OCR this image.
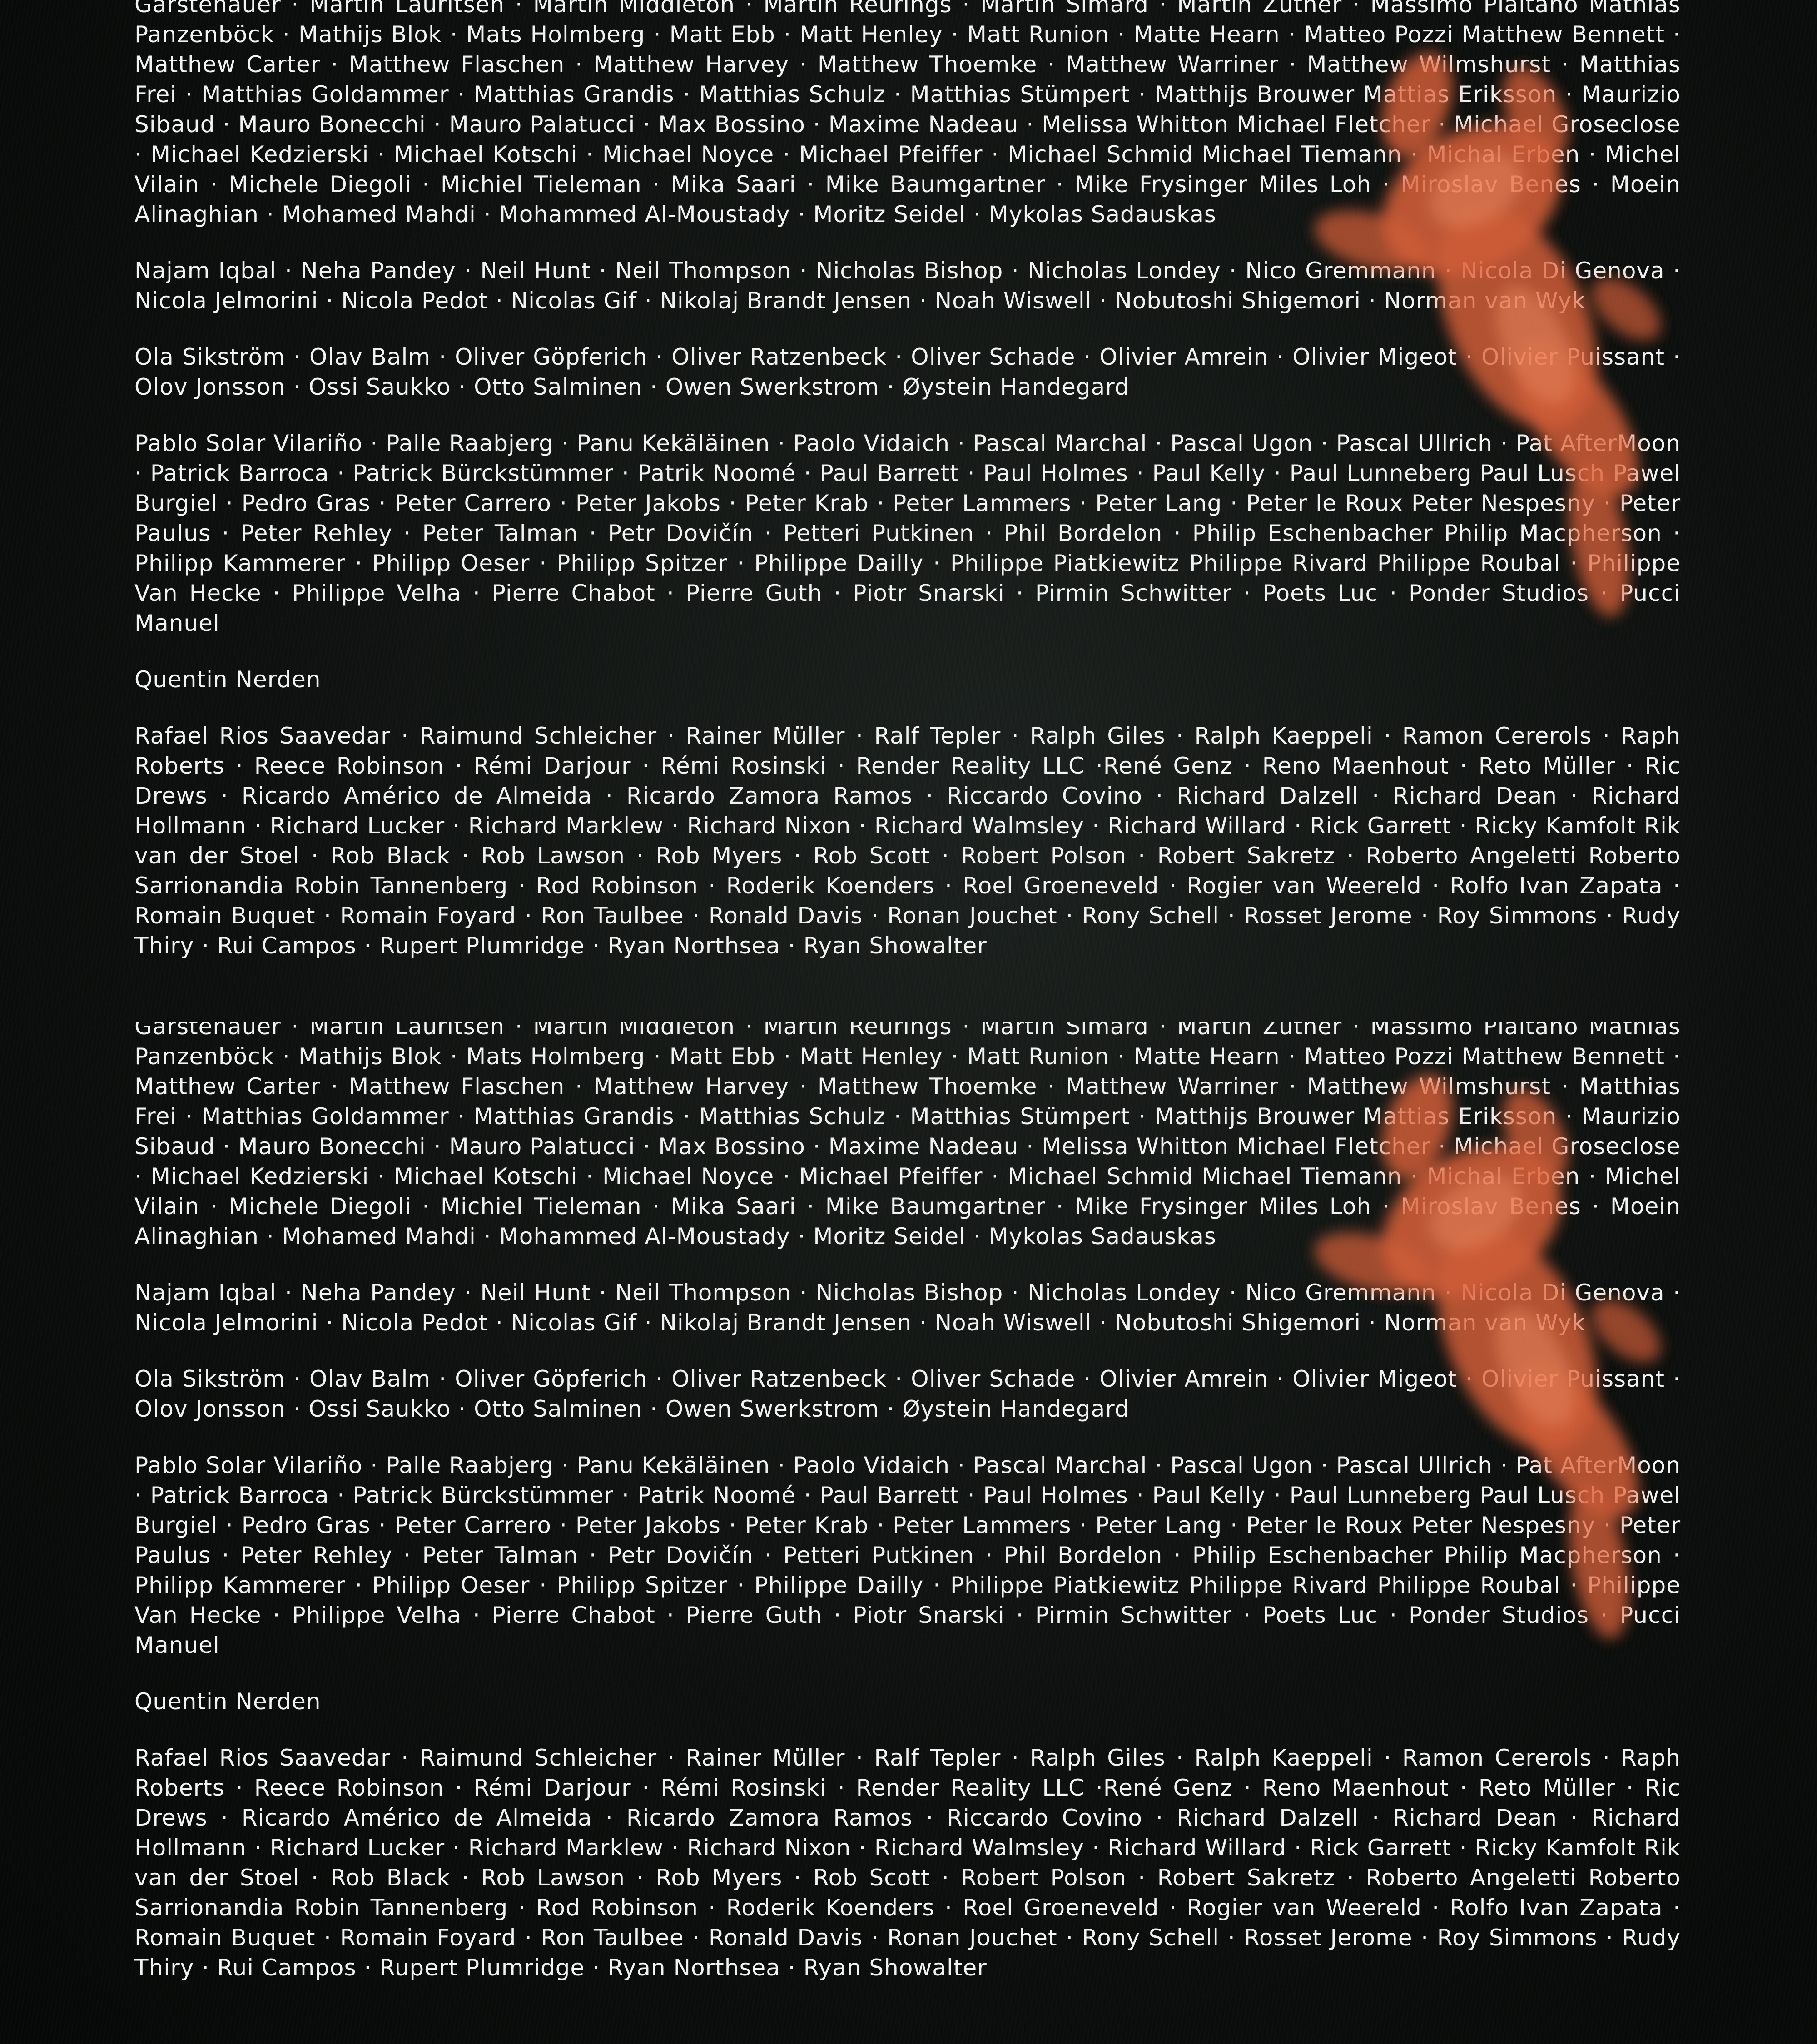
Garstenauer · Martin Lauritsen · Martin Middleton · Martin Reurings · Martin Simard · Martin Zuther · Massimo Plaitano Mathias Panzenböck · Mathijs Blok · Mats Holmberg · Matt Ebb · Matt Henley · Matt Runion · Matte Hearn · Matteo Pozzi Matthew Bennett · Matthew Carter · Matthew Flaschen · Matthew Harvey · Matthew Thoemke · Matthew Warriner · Matthew Wilmshurst · Matthias Frei · Matthias Goldammer · Matthias Grandis · Matthias Schulz · Matthias Stümpert · Matthijs Brouwer Mattias Eriksson · Maurizio Sibaud · Mauro Bonecchi · Mauro Palatucci · Max Bossino · Maxime Nadeau · Melissa Whitton Michael Fletcher · Michael Groseclose · Michael Kedzierski · Michael Kotschi · Michael Noyce · Michael Pfeiffer · Michael Schmid Michael Tiemann · Michal Erben · Michel Vilain · Michele Diegoli · Michiel Tieleman · Mika Saari · Mike Baumgartner · Mike Frysinger Miles Loh · Miroslav Benes · Moein Alinaghian · Mohamed Mahdi · Mohammed Al-Moustady · Moritz Seidel · Mykolas Sadauskas

Najam Iqbal · Neha Pandey · Neil Hunt · Neil Thompson · Nicholas Bishop · Nicholas Londey · Nico Gremmann · Nicola Di Genova · Nicola Jelmorini · Nicola Pedot · Nicolas Gif · Nikolaj Brandt Jensen · Noah Wiswell · Nobutoshi Shigemori · Norman van Wyk

Ola Sikström · Olav Balm · Oliver Göpferich · Oliver Ratzenbeck · Oliver Schade · Olivier Amrein · Olivier Migeot · Olivier Puissant · Olov Jonsson · Ossi Saukko · Otto Salminen · Owen Swerkstrom · Øystein Handegard

Pablo Solar Vilariño · Palle Raabjerg · Panu Kekäläinen · Paolo Vidaich · Pascal Marchal · Pascal Ugon · Pascal Ullrich · Pat AfterMoon · Patrick Barroca · Patrick Bürckstümmer · Patrik Noomé · Paul Barrett · Paul Holmes · Paul Kelly · Paul Lunneberg Paul Lusch Pawel Burgiel · Pedro Gras · Peter Carrero · Peter Jakobs · Peter Krab · Peter Lammers · Peter Lang · Peter le Roux Peter Nespesny · Peter Paulus · Peter Rehley · Peter Talman · Petr Dovičín · Petteri Putkinen · Phil Bordelon · Philip Eschenbacher Philip Macpherson · Philipp Kammerer · Philipp Oeser · Philipp Spitzer · Philippe Dailly · Philippe Piatkiewitz Philippe Rivard Philippe Roubal · Philippe Van Hecke · Philippe Velha · Pierre Chabot · Pierre Guth · Piotr Snarski · Pirmin Schwitter · Poets Luc · Ponder Studios · Pucci Manuel

Quentin Nerden

Rafael Rios Saavedar · Raimund Schleicher · Rainer Müller · Ralf Tepler · Ralph Giles · Ralph Kaeppeli · Ramon Cererols · Raph Roberts · Reece Robinson · Rémi Darjour · Rémi Rosinski · Render Reality LLC ·René Genz · Reno Maenhout · Reto Müller · Ric Drews · Ricardo Américo de Almeida · Ricardo Zamora Ramos · Riccardo Covino · Richard Dalzell · Richard Dean · Richard Hollmann · Richard Lucker · Richard Marklew · Richard Nixon · Richard Walmsley · Richard Willard · Rick Garrett · Ricky Kamfolt Rik van der Stoel · Rob Black · Rob Lawson · Rob Myers · Rob Scott · Robert Polson · Robert Sakretz · Roberto Angeletti Roberto Sarrionandia Robin Tannenberg · Rod Robinson · Roderik Koenders · Roel Groeneveld · Rogier van Weereld · Rolfo Ivan Zapata · Romain Buquet · Romain Foyard · Ron Taulbee · Ronald Davis · Ronan Jouchet · Rony Schell · Rosset Jerome · Roy Simmons · Rudy Thiry · Rui Campos · Rupert Plumridge · Ryan Northsea · Ryan Showalter

Garstenauer · Martin Lauritsen · Martin Middleton · Martin Reurings · Martin Simard · Martin Zuther · Massimo Plaitano Mathias Panzenböck · Mathijs Blok · Mats Holmberg · Matt Ebb · Matt Henley · Matt Runion · Matte Hearn · Matteo Pozzi Matthew Bennett · Matthew Carter · Matthew Flaschen · Matthew Harvey · Matthew Thoemke · Matthew Warriner · Matthew Wilmshurst · Matthias Frei · Matthias Goldammer · Matthias Grandis · Matthias Schulz · Matthias Stümpert · Matthijs Brouwer Mattias Eriksson · Maurizio Sibaud · Mauro Bonecchi · Mauro Palatucci · Max Bossino · Maxime Nadeau · Melissa Whitton Michael Fletcher · Michael Groseclose · Michael Kedzierski · Michael Kotschi · Michael Noyce · Michael Pfeiffer · Michael Schmid Michael Tiemann · Michal Erben · Michel Vilain · Michele Diegoli · Michiel Tieleman · Mika Saari · Mike Baumgartner · Mike Frysinger Miles Loh · Miroslav Benes · Moein Alinaghian · Mohamed Mahdi · Mohammed Al-Moustady · Moritz Seidel · Mykolas Sadauskas

Najam Iqbal · Neha Pandey · Neil Hunt · Neil Thompson · Nicholas Bishop · Nicholas Londey · Nico Gremmann · Nicola Di Genova · Nicola Jelmorini · Nicola Pedot · Nicolas Gif · Nikolaj Brandt Jensen · Noah Wiswell · Nobutoshi Shigemori · Norman van Wyk

Ola Sikström · Olav Balm · Oliver Göpferich · Oliver Ratzenbeck · Oliver Schade · Olivier Amrein · Olivier Migeot · Olivier Puissant · Olov Jonsson · Ossi Saukko · Otto Salminen · Owen Swerkstrom · Øystein Handegard

Pablo Solar Vilariño · Palle Raabjerg · Panu Kekäläinen · Paolo Vidaich · Pascal Marchal · Pascal Ugon · Pascal Ullrich · Pat AfterMoon · Patrick Barroca · Patrick Bürckstümmer · Patrik Noomé · Paul Barrett · Paul Holmes · Paul Kelly · Paul Lunneberg Paul Lusch Pawel Burgiel · Pedro Gras · Peter Carrero · Peter Jakobs · Peter Krab · Peter Lammers · Peter Lang · Peter le Roux Peter Nespesny · Peter Paulus · Peter Rehley · Peter Talman · Petr Dovičín · Petteri Putkinen · Phil Bordelon · Philip Eschenbacher Philip Macpherson · Philipp Kammerer · Philipp Oeser · Philipp Spitzer · Philippe Dailly · Philippe Piatkiewitz Philippe Rivard Philippe Roubal · Philippe Van Hecke · Philippe Velha · Pierre Chabot · Pierre Guth · Piotr Snarski · Pirmin Schwitter · Poets Luc · Ponder Studios · Pucci Manuel

Quentin Nerden

Rafael Rios Saavedar · Raimund Schleicher · Rainer Müller · Ralf Tepler · Ralph Giles · Ralph Kaeppeli · Ramon Cererols · Raph Roberts · Reece Robinson · Rémi Darjour · Rémi Rosinski · Render Reality LLC ·René Genz · Reno Maenhout · Reto Müller · Ric Drews · Ricardo Américo de Almeida · Ricardo Zamora Ramos · Riccardo Covino · Richard Dalzell · Richard Dean · Richard Hollmann · Richard Lucker · Richard Marklew · Richard Nixon · Richard Walmsley · Richard Willard · Rick Garrett · Ricky Kamfolt Rik van der Stoel · Rob Black · Rob Lawson · Rob Myers · Rob Scott · Robert Polson · Robert Sakretz · Roberto Angeletti Roberto Sarrionandia Robin Tannenberg · Rod Robinson · Roderik Koenders · Roel Groeneveld · Rogier van Weereld · Rolfo Ivan Zapata · Romain Buquet · Romain Foyard · Ron Taulbee · Ronald Davis · Ronan Jouchet · Rony Schell · Rosset Jerome · Roy Simmons · Rudy Thiry · Rui Campos · Rupert Plumridge · Ryan Northsea · Ryan Showalter
